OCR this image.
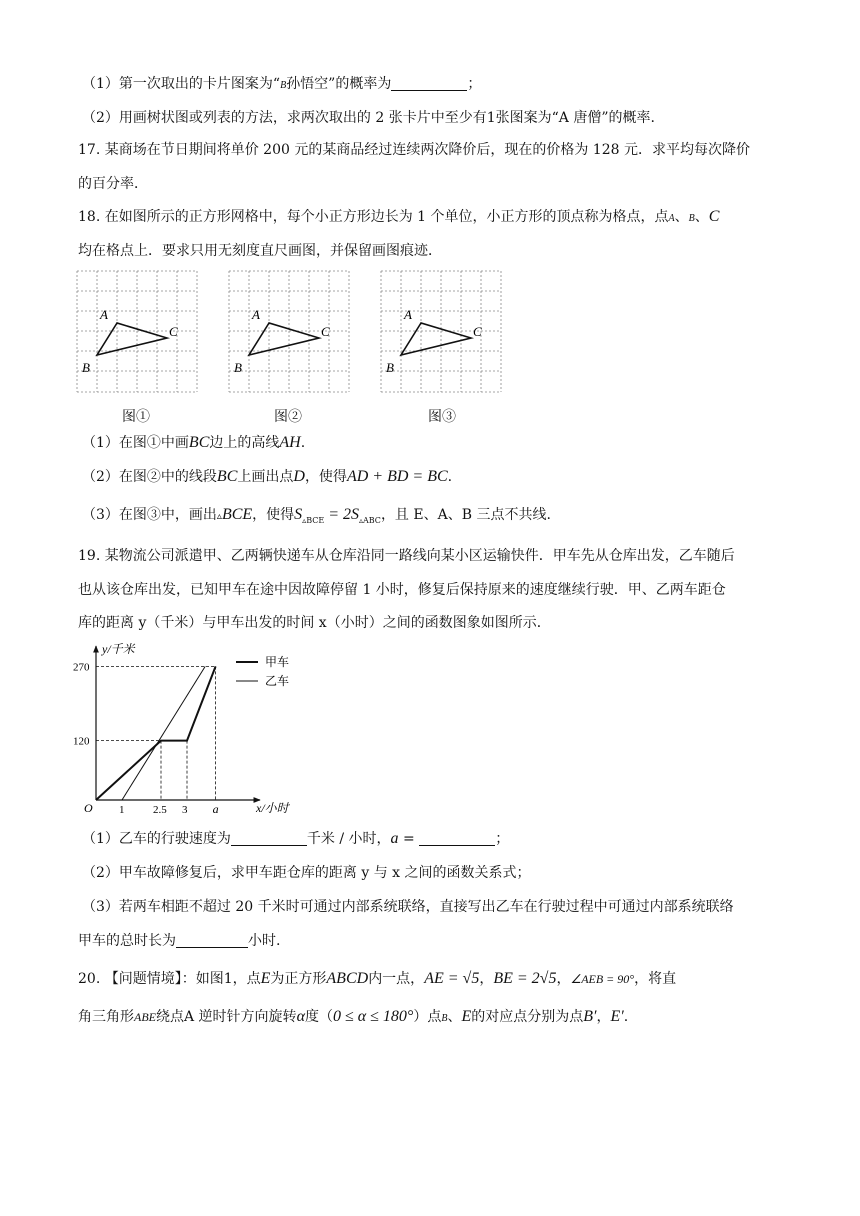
（1）第一次取出的卡片图案为“B孙悟空”的概率为	；
（2）用画树状图或列表的方法，求两次取出的 2 张卡片中至少有1张图案为“A 唐僧”的概率.
17. 某商场在节日期间将单价 200 元的某商品经过连续两次降价后，现在的价格为 128 元．求平均每次降价
的百分率．
18. 在如图所示的正方形网格中，每个小正方形边长为 1 个单位，小正方形的顶点称为格点，点A、B、C
均在格点上．要求只用无刻度直尺画图，并保留画图痕迹．
A
B
C
A
B
C
A
B
C
图①	图②	图③
（1）在图①中画BC边上的高线AH.
（2）在图②中的线段BC上画出点D，使得AD + BD = BC.
（3）在图③中，画出▵BCE，使得$S_{▵BCE} = 2S_{▵ABC}$，且 E、A、B 三点不共线.
19. 某物流公司派遣甲、乙两辆快递车从仓库沿同一路线向某小区运输快件．甲车先从仓库出发，乙车随后
也从该仓库出发，已知甲车在途中因故障停留 1 小时，修复后保持原来的速度继续行驶．甲、乙两车距仓
库的距离 y（千米）与甲车出发的时间 x（小时）之间的函数图象如图所示．
O 1	2.5 3 a
120
270
y/千米
x/小时
甲车
乙车
（1）乙车的行驶速度为	千米 / 小时，a =	；
（2）甲车故障修复后，求甲车距仓库的距离 y 与 x 之间的函数关系式；
（3）若两车相距不超过 20 千米时可通过内部系统联络，直接写出乙车在行驶过程中可通过内部系统联络
甲车的总时长为	小时.
20. 【问题情境】：如图1，点E为正方形ABCD内一点，AE = √5，BE = 2√5，∠AEB = 90°，将直
角三角形ABE绕点A 逆时针方向旋转α度（0 ≤ α ≤ 180°）点B、E的对应点分别为点B′，E′.
